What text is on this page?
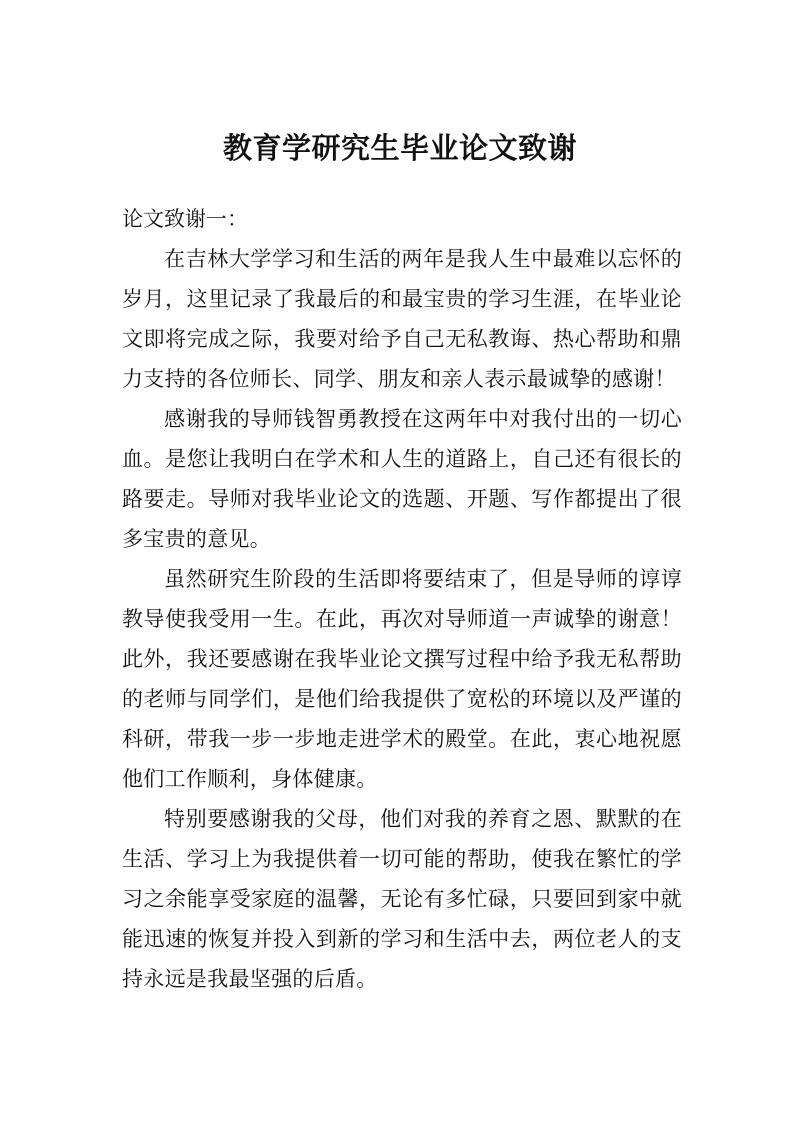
教育学研究生毕业论文致谢
论文致谢一：

在吉林大学学习和生活的两年是我人生中最难以忘怀的岁月，这里记录了我最后的和最宝贵的学习生涯，在毕业论文即将完成之际，我要对给予自己无私教诲、热心帮助和鼎力支持的各位师长、同学、朋友和亲人表示最诚挚的感谢！

感谢我的导师钱智勇教授在这两年中对我付出的一切心血。是您让我明白在学术和人生的道路上，自己还有很长的路要走。导师对我毕业论文的选题、开题、写作都提出了很多宝贵的意见。

虽然研究生阶段的生活即将要结束了，但是导师的谆谆教导使我受用一生。在此，再次对导师道一声诚挚的谢意！此外，我还要感谢在我毕业论文撰写过程中给予我无私帮助的老师与同学们，是他们给我提供了宽松的环境以及严谨的科研，带我一步一步地走进学术的殿堂。在此，衷心地祝愿他们工作顺利，身体健康。

特别要感谢我的父母，他们对我的养育之恩、默默的在生活、学习上为我提供着一切可能的帮助，使我在繁忙的学习之余能享受家庭的温馨，无论有多忙碌，只要回到家中就能迅速的恢复并投入到新的学习和生活中去，两位老人的支持永远是我最坚强的后盾。
